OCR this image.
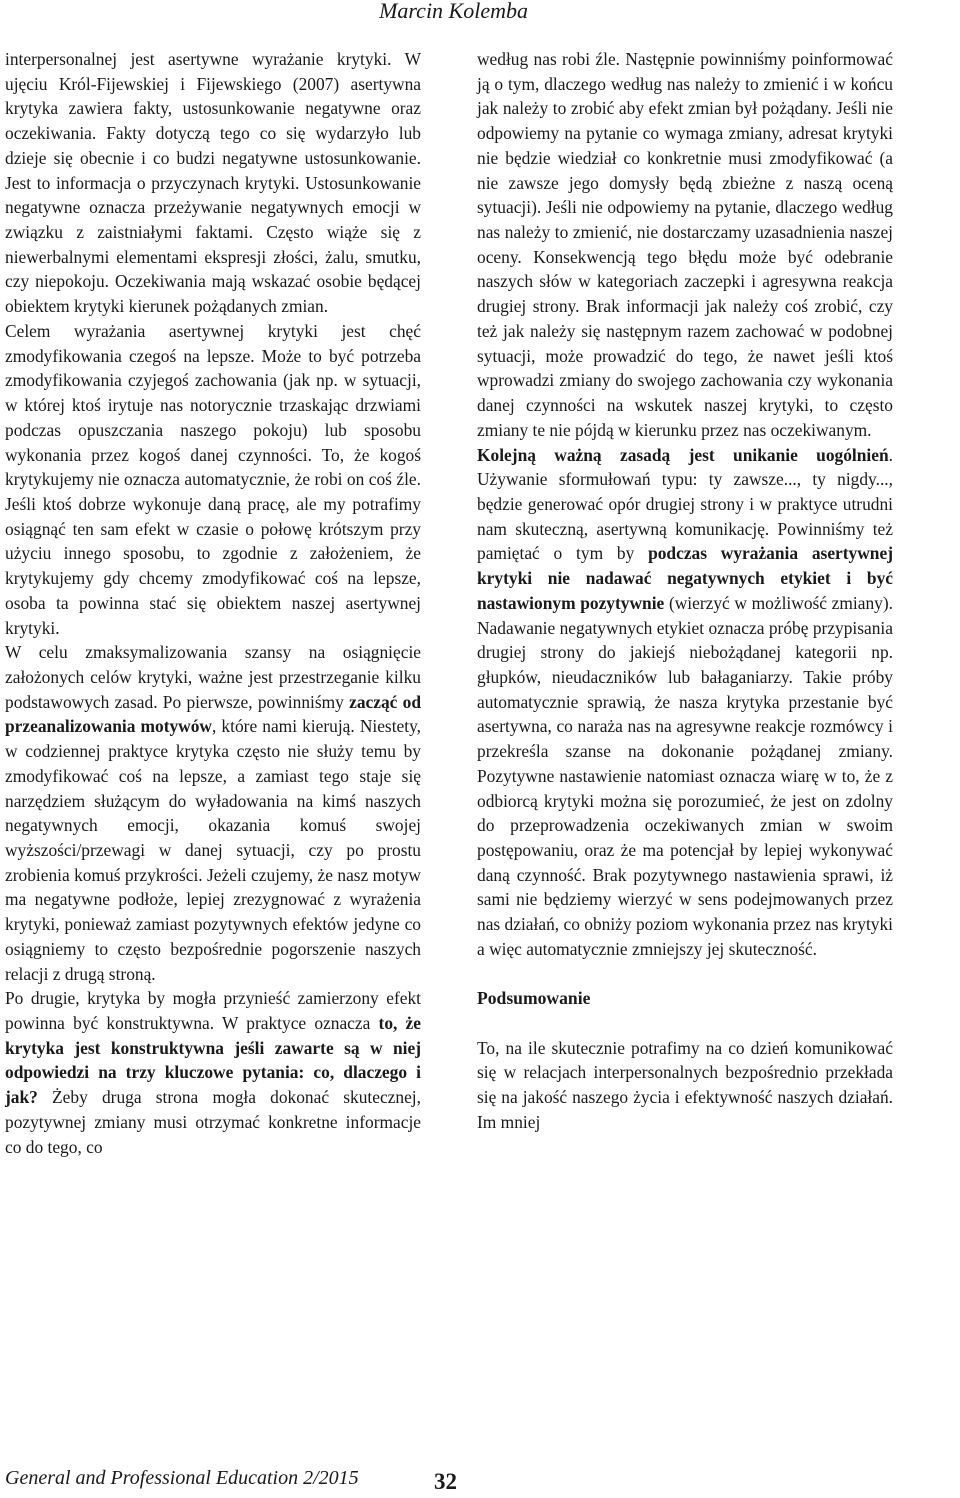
Marcin Kolemba

interpersonalnej jest asertywne wyrażanie krytyki. W ujęciu Król-Fijewskiej i Fijewskiego (2007) asertywna krytyka zawiera fakty, ustosunkowanie negatywne oraz oczekiwania. Fakty dotyczą tego co się wydarzyło lub dzieje się obecnie i co budzi negatywne ustosunkowanie. Jest to informacja o przyczynach krytyki. Ustosunkowanie negatywne oznacza przeżywanie negatywnych emocji w związku z zaistniałymi faktami. Często wiąże się z niewerbalnymi elementami ekspresji złości, żalu, smutku, czy niepokoju. Oczekiwania mają wskazać osobie będącej obiektem krytyki kierunek pożądanych zmian.

Celem wyrażania asertywnej krytyki jest chęć zmodyfikowania czegoś na lepsze. Może to być potrzeba zmodyfikowania czyjegoś zachowania (jak np. w sytuacji, w której ktoś irytuje nas notorycznie trzaskając drzwiami podczas opuszczania naszego pokoju) lub sposobu wykonania przez kogoś danej czynności. To, że kogoś krytykujemy nie oznacza automatycznie, że robi on coś źle. Jeśli ktoś dobrze wykonuje daną pracę, ale my potrafimy osiągnąć ten sam efekt w czasie o połowę krótszym przy użyciu innego sposobu, to zgodnie z założeniem, że krytykujemy gdy chcemy zmodyfikować coś na lepsze, osoba ta powinna stać się obiektem naszej asertywnej krytyki.

W celu zmaksymalizowania szansy na osiągnięcie założonych celów krytyki, ważne jest przestrzeganie kilku podstawowych zasad. Po pierwsze, powinniśmy zacząć od przeanalizowania motywów, które nami kierują. Niestety, w codziennej praktyce krytyka często nie służy temu by zmodyfikować coś na lepsze, a zamiast tego staje się narzędziem służącym do wyładowania na kimś naszych negatywnych emocji, okazania komuś swojej wyższości/przewagi w danej sytuacji, czy po prostu zrobienia komuś przykrości. Jeżeli czujemy, że nasz motyw ma negatywne podłoże, lepiej zrezygnować z wyrażenia krytyki, ponieważ zamiast pozytywnych efektów jedyne co osiągniemy to często bezpośrednie pogorszenie naszych relacji z drugą stroną.

Po drugie, krytyka by mogła przynieść zamierzony efekt powinna być konstruktywna. W praktyce oznacza to, że krytyka jest konstruktywna jeśli zawarte są w niej odpowiedzi na trzy kluczowe pytania: co, dlaczego i jak? Żeby druga strona mogła dokonać skutecznej, pozytywnej zmiany musi otrzymać konkretne informacje co do tego, co

według nas robi źle. Następnie powinniśmy poinformować ją o tym, dlaczego według nas należy to zmienić i w końcu jak należy to zrobić aby efekt zmian był pożądany. Jeśli nie odpowiemy na pytanie co wymaga zmiany, adresat krytyki nie będzie wiedział co konkretnie musi zmodyfikować (a nie zawsze jego domysły będą zbieżne z naszą oceną sytuacji). Jeśli nie odpowiemy na pytanie, dlaczego według nas należy to zmienić, nie dostarczamy uzasadnienia naszej oceny. Konsekwencją tego błędu może być odebranie naszych słów w kategoriach zaczepki i agresywna reakcja drugiej strony. Brak informacji jak należy coś zrobić, czy też jak należy się następnym razem zachować w podobnej sytuacji, może prowadzić do tego, że nawet jeśli ktoś wprowadzi zmiany do swojego zachowania czy wykonania danej czynności na wskutek naszej krytyki, to często zmiany te nie pójdą w kierunku przez nas oczekiwanym.

Kolejną ważną zasadą jest unikanie uogólnień. Używanie sformułowań typu: ty zawsze..., ty nigdy..., będzie generować opór drugiej strony i w praktyce utrudni nam skuteczną, asertywną komunikację. Powinniśmy też pamiętać o tym by podczas wyrażania asertywnej krytyki nie nadawać negatywnych etykiet i być nastawionym pozytywnie (wierzyć w możliwość zmiany). Nadawanie negatywnych etykiet oznacza próbę przypisania drugiej strony do jakiejś niebożądanej kategorii np. głupków, nieudaczników lub bałaganiarzy. Takie próby automatycznie sprawią, że nasza krytyka przestanie być asertywna, co naraża nas na agresywne reakcje rozmówcy i przekreśla szanse na dokonanie pożądanej zmiany. Pozytywne nastawienie natomiast oznacza wiarę w to, że z odbiorcą krytyki można się porozumieć, że jest on zdolny do przeprowadzenia oczekiwanych zmian w swoim postępowaniu, oraz że ma potencjał by lepiej wykonywać daną czynność. Brak pozytywnego nastawienia sprawi, iż sami nie będziemy wierzyć w sens podejmowanych przez nas działań, co obniży poziom wykonania przez nas krytyki a więc automatycznie zmniejszy jej skuteczność.

Podsumowanie

To, na ile skutecznie potrafimy na co dzień komunikować się w relacjach interpersonalnych bezpośrednio przekłada się na jakość naszego życia i efektywność naszych działań. Im mniej

General and Professional Education 2/2015	32
